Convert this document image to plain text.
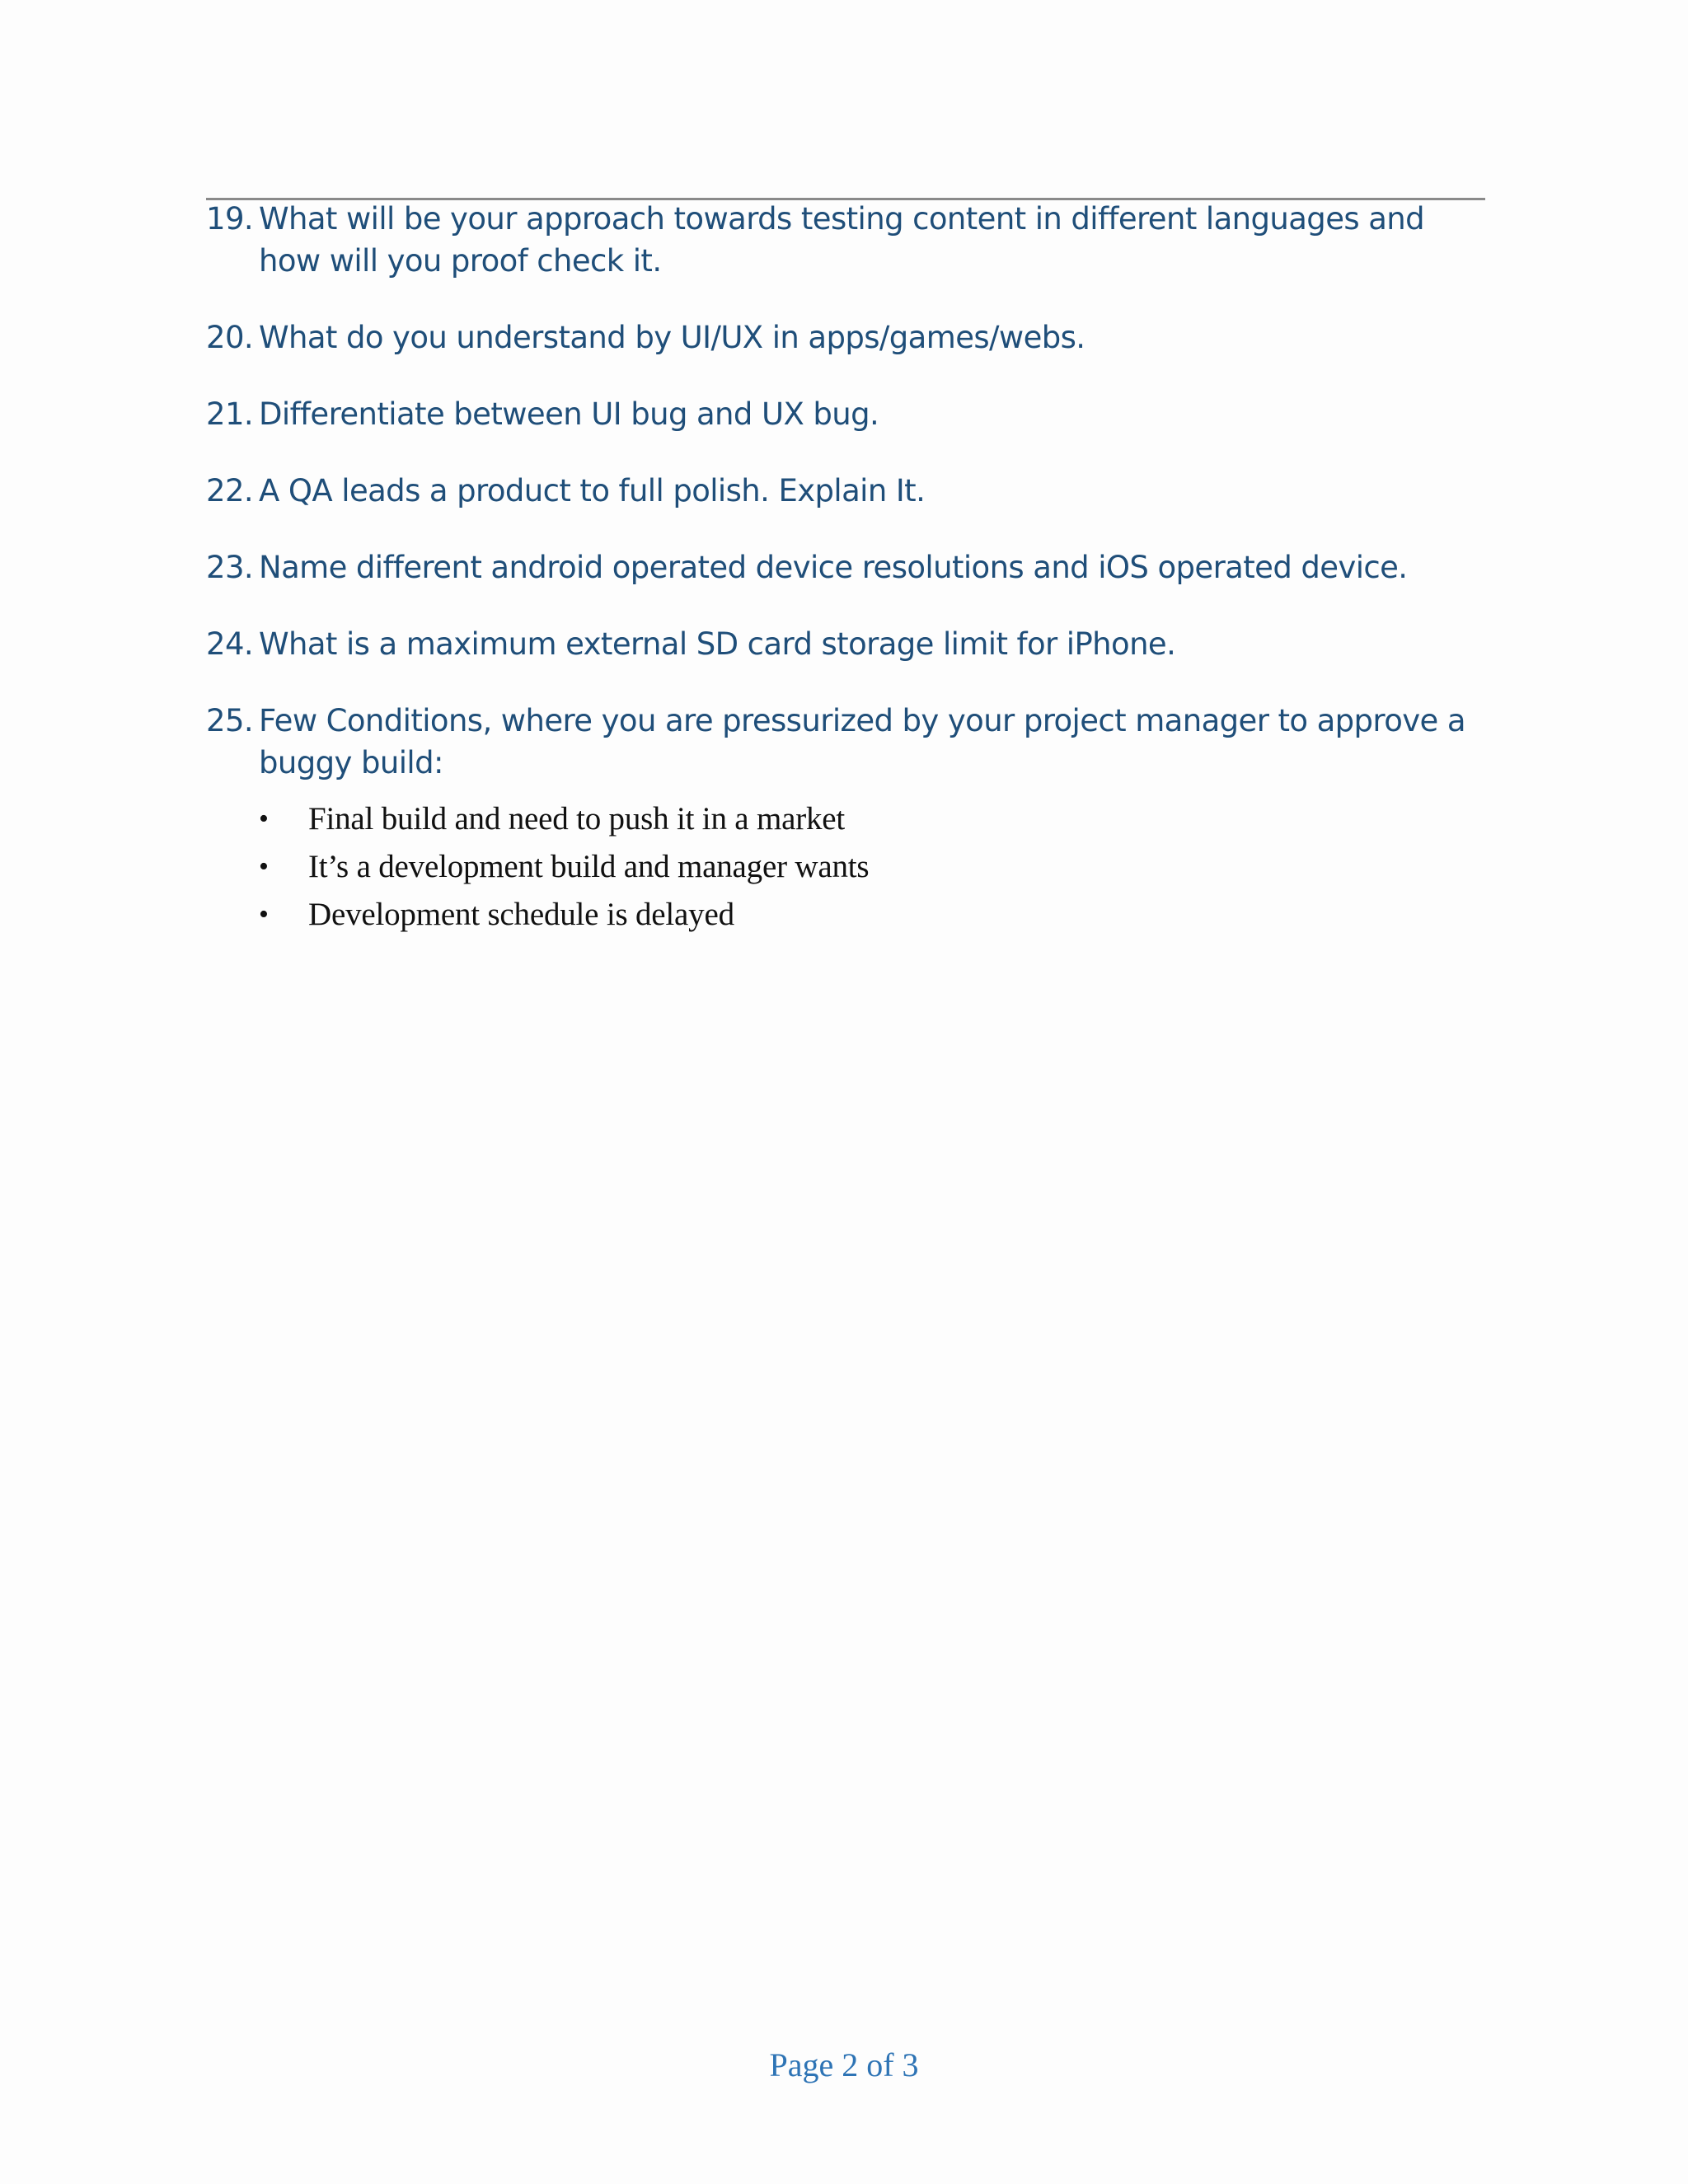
19. What will be your approach towards testing content in different languages and how will you proof check it.
20. What do you understand by UI/UX in apps/games/webs.
21. Differentiate between UI bug and UX bug.
22. A QA leads a product to full polish. Explain It.
23. Name different android operated device resolutions and iOS operated device.
24. What is a maximum external SD card storage limit for iPhone.
25. Few Conditions, where you are pressurized by your project manager to approve a buggy build:
•	Final build and need to push it in a market
•	It’s a development build and manager wants
•	Development schedule is delayed
Page 2 of 3
